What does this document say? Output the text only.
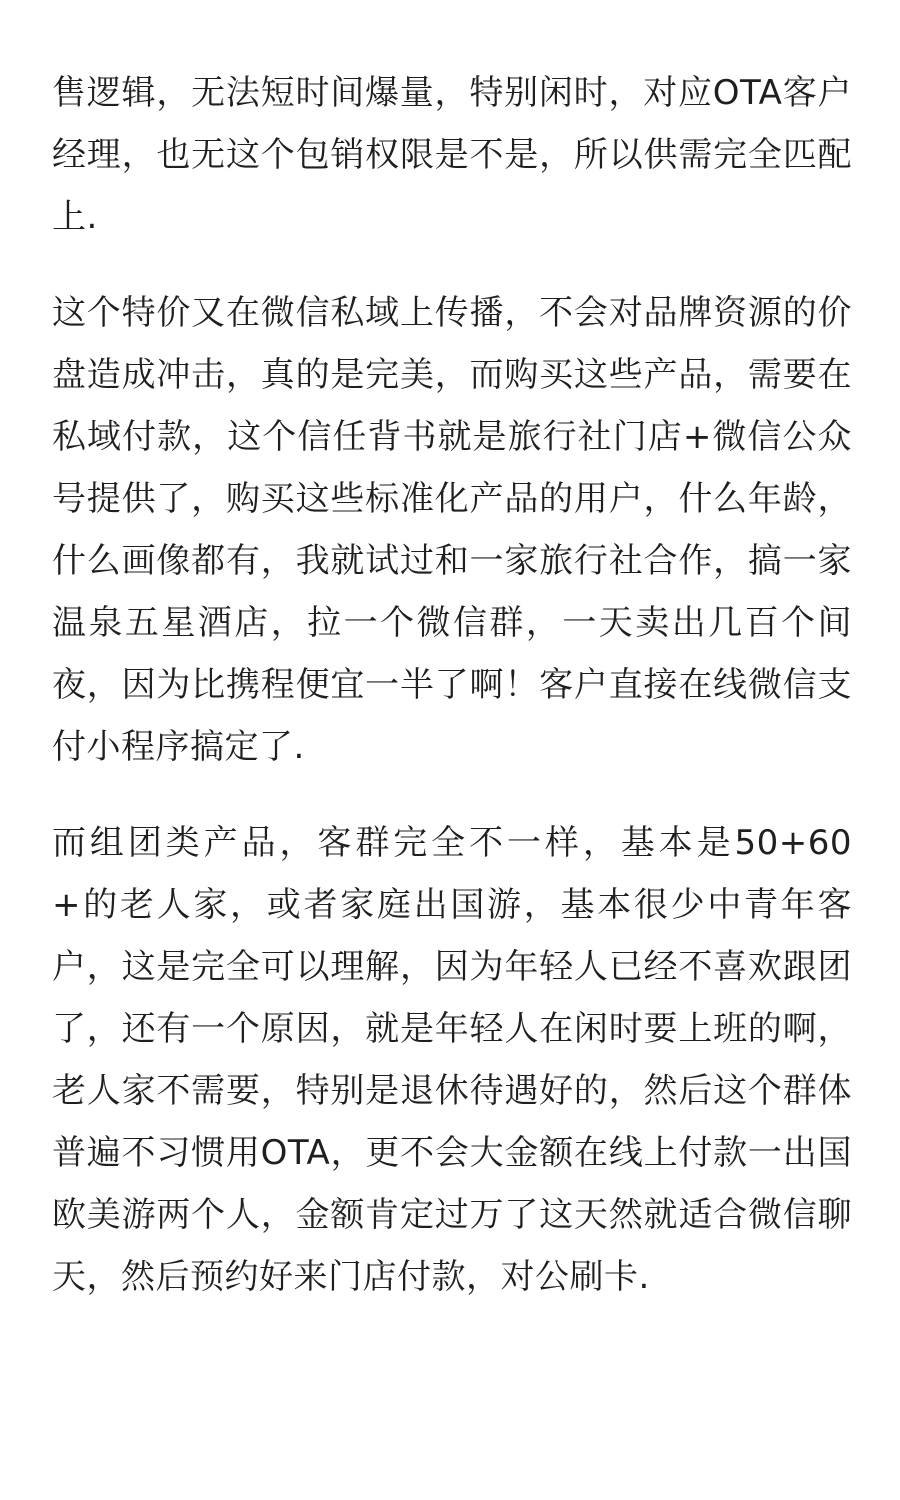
售逻辑，无法短时间爆量，特别闲时，对应OTA客户经理，也无这个包销权限是不是，所以供需完全匹配上.

这个特价又在微信私域上传播，不会对品牌资源的价盘造成冲击，真的是完美，而购买这些产品，需要在私域付款，这个信任背书就是旅行社门店+微信公众号提供了，购买这些标准化产品的用户，什么年龄，什么画像都有，我就试过和一家旅行社合作，搞一家温泉五星酒店，拉一个微信群，一天卖出几百个间夜，因为比携程便宜一半了啊！客户直接在线微信支付小程序搞定了.

而组团类产品，客群完全不一样，基本是50+60+的老人家，或者家庭出国游，基本很少中青年客户，这是完全可以理解，因为年轻人已经不喜欢跟团了，还有一个原因，就是年轻人在闲时要上班的啊，老人家不需要，特别是退休待遇好的，然后这个群体普遍不习惯用OTA，更不会大金额在线上付款一出国欧美游两个人，金额肯定过万了这天然就适合微信聊天，然后预约好来门店付款，对公刷卡.
